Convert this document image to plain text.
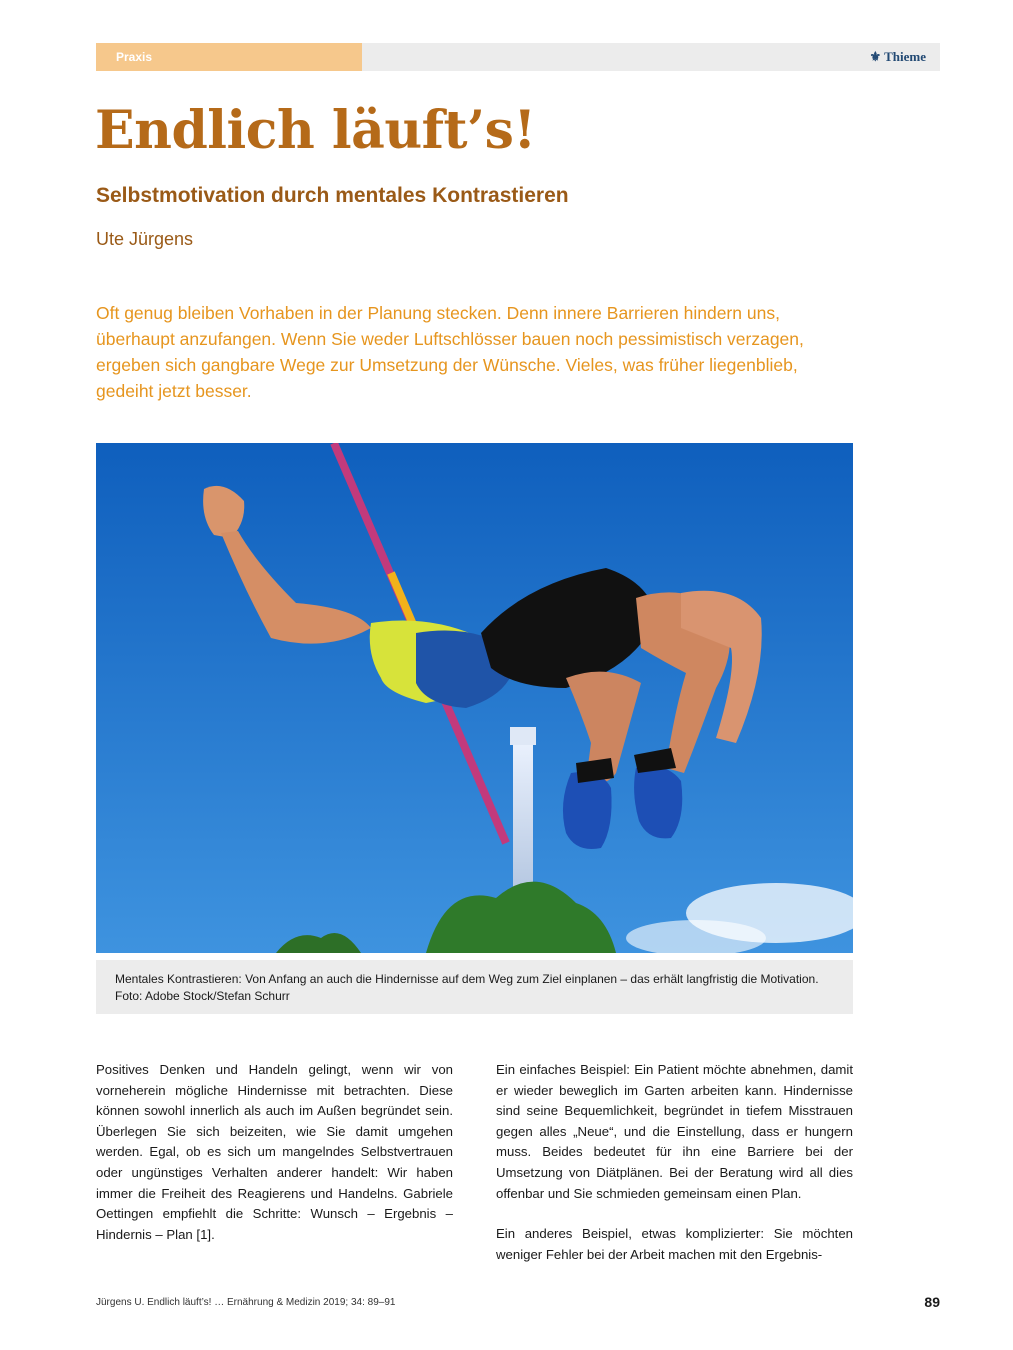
Praxis	⚜ Thieme
Endlich läuft’s!
Selbstmotivation durch mentales Kontrastieren
Ute Jürgens

Oft genug bleiben Vorhaben in der Planung stecken. Denn innere Barrieren hindern uns, überhaupt anzufangen. Wenn Sie weder Luftschlösser bauen noch pessimistisch verzagen, ergeben sich gangbare Wege zur Umsetzung der Wünsche. Vieles, was früher liegenblieb, gedeiht jetzt besser.

Mentales Kontrastieren: Von Anfang an auch die Hindernisse auf dem Weg zum Ziel einplanen – das erhält langfristig die Motivation. Foto: Adobe Stock/Stefan Schurr

Positives Denken und Handeln gelingt, wenn wir von vorneherein mögliche Hindernisse mit betrachten. Diese können sowohl innerlich als auch im Außen begründet sein. Überlegen Sie sich beizeiten, wie Sie damit umgehen werden. Egal, ob es sich um mangelndes Selbstvertrauen oder ungünstiges Verhalten anderer handelt: Wir haben immer die Freiheit des Reagierens und Handelns. Gabriele Oettingen empfiehlt die Schritte: Wunsch – Ergebnis – Hindernis – Plan [1].

Ein einfaches Beispiel: Ein Patient möchte abnehmen, damit er wieder beweglich im Garten arbeiten kann. Hindernisse sind seine Bequemlichkeit, begründet in tiefem Misstrauen gegen alles „Neue“, und die Einstellung, dass er hungern muss. Beides bedeutet für ihn eine Barriere bei der Umsetzung von Diätplänen. Bei der Beratung wird all dies offenbar und Sie schmieden gemeinsam einen Plan.

Ein anderes Beispiel, etwas komplizierter: Sie möchten weniger Fehler bei der Arbeit machen mit den Ergebnis-

Jürgens U. Endlich läuft’s! … Ernährung & Medizin 2019; 34: 89–91	89
